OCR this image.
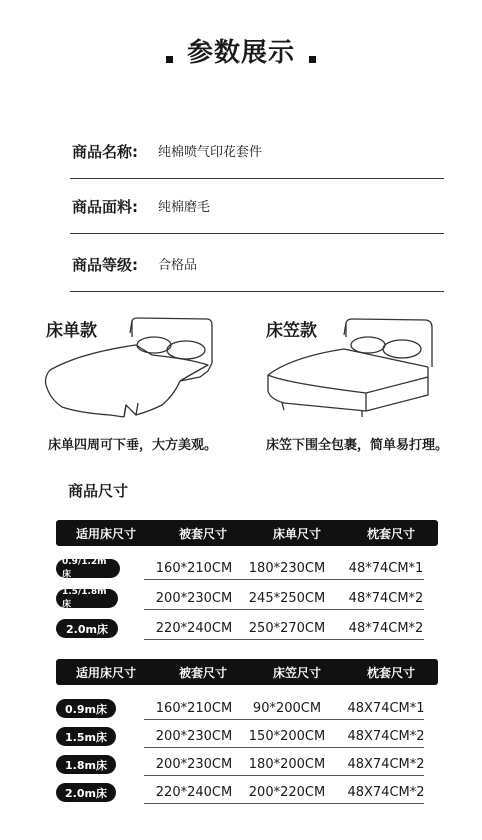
参数展示
商品名称: 纯棉喷气印花套件
商品面料: 纯棉磨毛
商品等级: 合格品
床单款
床单四周可下垂，大方美观。
床笠款
床笠下围全包裹，简单易打理。
商品尺寸
适用床尺寸	被套尺寸	床单尺寸	枕套尺寸
0.9/1.2m床	160*210CM	180*230CM	48*74CM*1
1.5/1.8m床	200*230CM	245*250CM	48*74CM*2
2.0m床	220*240CM	250*270CM	48*74CM*2
适用床尺寸	被套尺寸	床笠尺寸	枕套尺寸
0.9m床	160*210CM	90*200CM	48X74CM*1
1.5m床	200*230CM	150*200CM	48X74CM*2
1.8m床	200*230CM	180*200CM	48X74CM*2
2.0m床	220*240CM	200*220CM	48X74CM*2
